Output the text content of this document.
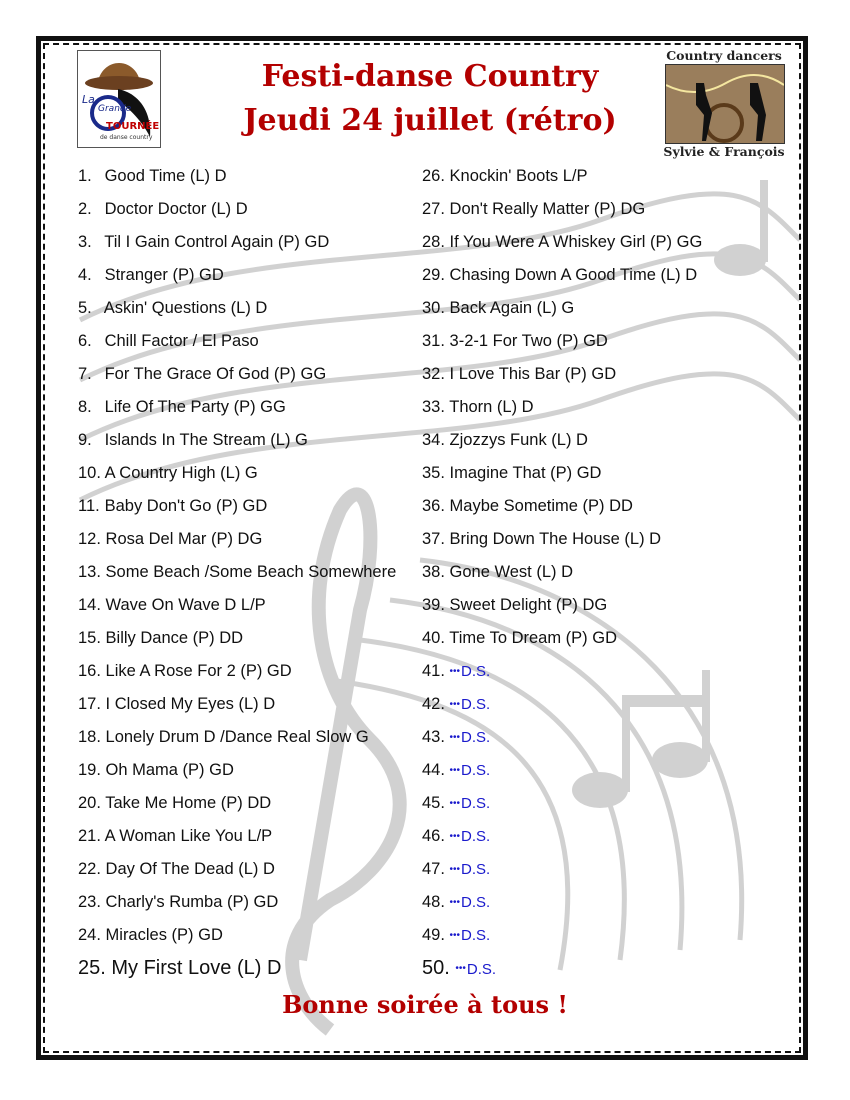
La
Grande
TOURNÉE
de danse country
Festi-danse Country
Jeudi 24 juillet (rétro)
Country dancers
Sylvie & François
1. Good Time (L) D
2. Doctor Doctor (L) D
3. Til I Gain Control Again (P) GD
4. Stranger (P) GD
5. Askin' Questions (L) D
6. Chill Factor / El Paso
7. For The Grace Of God (P) GG
8. Life Of The Party (P) GG
9. Islands In The Stream (L) G
10. A Country High (L) G
11. Baby Don't Go (P) GD
12. Rosa Del Mar (P) DG
13. Some Beach /Some Beach Somewhere
14. Wave On Wave D L/P
15. Billy Dance (P) DD
16. Like A Rose For 2 (P) GD
17. I Closed My Eyes (L) D
18. Lonely Drum D /Dance Real Slow G
19. Oh Mama (P) GD
20. Take Me Home (P) DD
21. A Woman Like You L/P
22. Day Of The Dead (L) D
23. Charly's Rumba (P) GD
24. Miracles (P) GD
25. My First Love (L) D
26. Knockin' Boots L/P
27. Don't Really Matter (P) DG
28. If You Were A Whiskey Girl (P) GG
29. Chasing Down A Good Time (L) D
30. Back Again (L) G
31. 3-2-1 For Two (P) GD
32. I Love This Bar (P) GD
33. Thorn (L) D
34. Zjozzys Funk (L) D
35. Imagine That (P) GD
36. Maybe Sometime (P) DD
37. Bring Down The House (L) D
38. Gone West (L) D
39. Sweet Delight (P) DG
40. Time To Dream (P) GD
41. •••D.S.
42. •••D.S.
43. •••D.S.
44. •••D.S.
45. •••D.S.
46. •••D.S.
47. •••D.S.
48. •••D.S.
49. •••D.S.
50. •••D.S.
Bonne soirée à tous !
